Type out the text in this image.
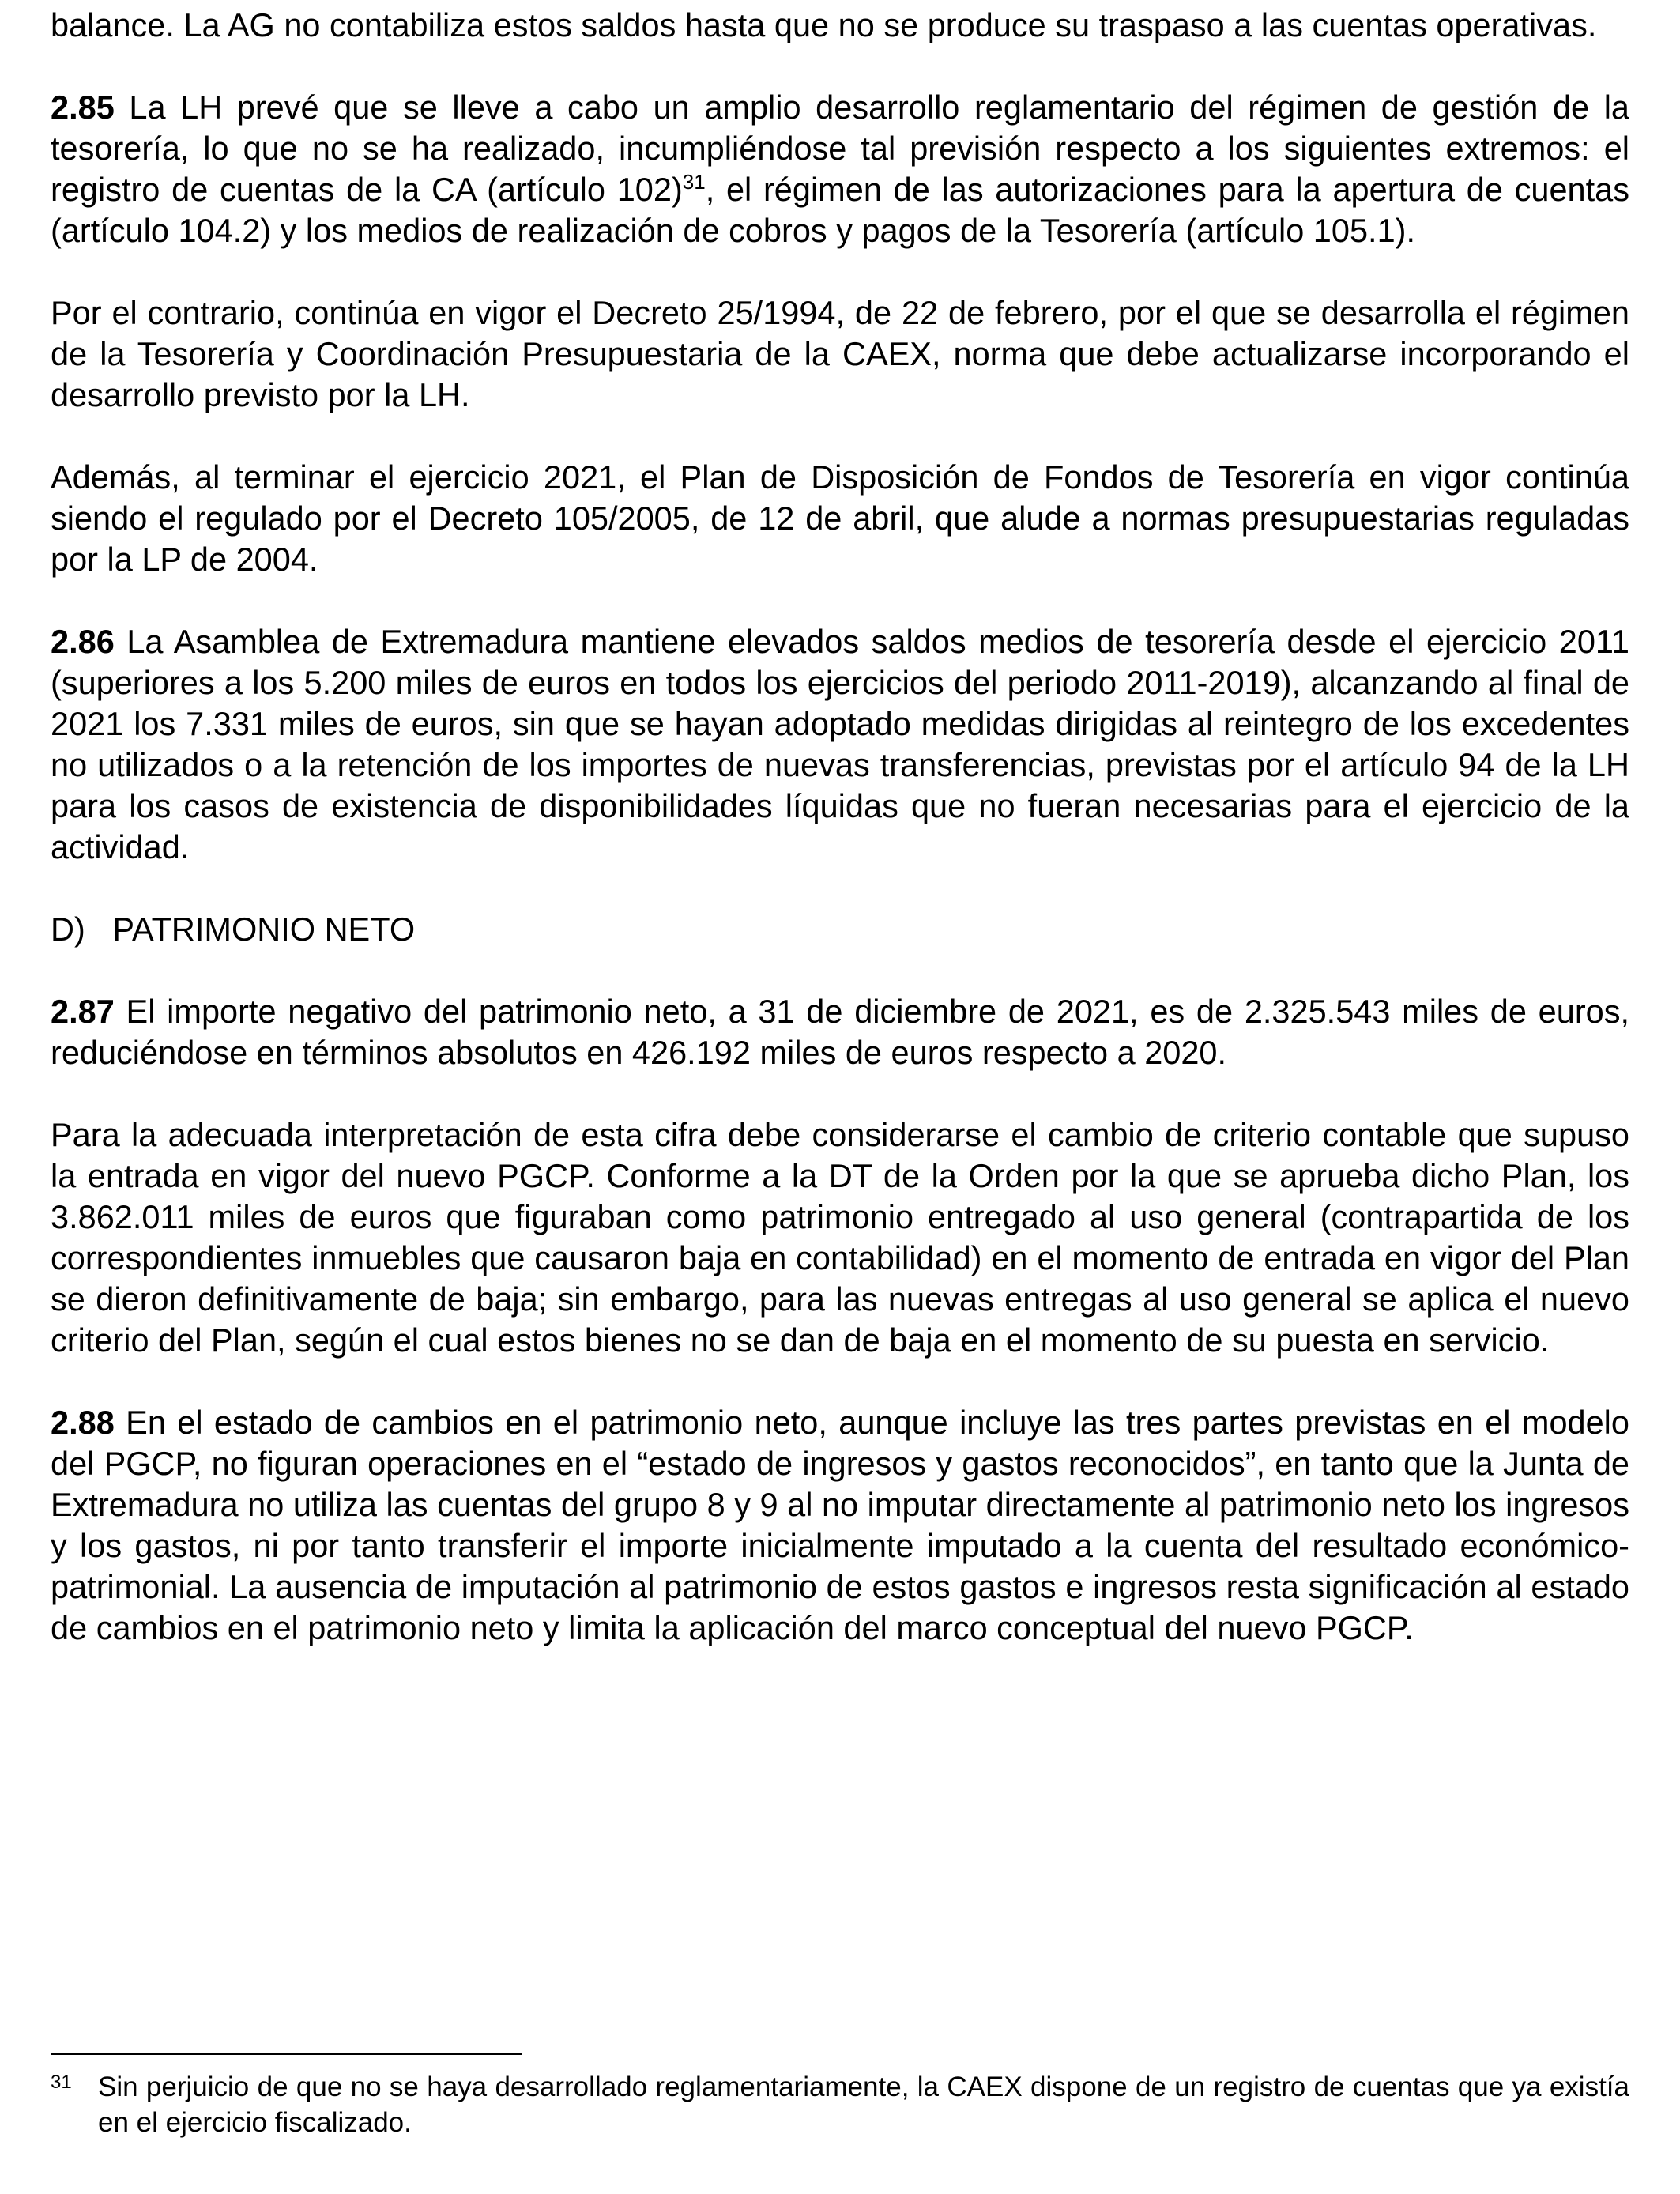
balance. La AG no contabiliza estos saldos hasta que no se produce su traspaso a las cuentas operativas.

2.85 La LH prevé que se lleve a cabo un amplio desarrollo reglamentario del régimen de gestión de la tesorería, lo que no se ha realizado, incumpliéndose tal previsión respecto a los siguientes extremos: el registro de cuentas de la CA (artículo 102)$^{31}$, el régimen de las autorizaciones para la apertura de cuentas (artículo 104.2) y los medios de realización de cobros y pagos de la Tesorería (artículo 105.1).

Por el contrario, continúa en vigor el Decreto 25/1994, de 22 de febrero, por el que se desarrolla el régimen de la Tesorería y Coordinación Presupuestaria de la CAEX, norma que debe actualizarse incorporando el desarrollo previsto por la LH.

Además, al terminar el ejercicio 2021, el Plan de Disposición de Fondos de Tesorería en vigor continúa siendo el regulado por el Decreto 105/2005, de 12 de abril, que alude a normas presupuestarias reguladas por la LP de 2004.

2.86 La Asamblea de Extremadura mantiene elevados saldos medios de tesorería desde el ejercicio 2011 (superiores a los 5.200 miles de euros en todos los ejercicios del periodo 2011-2019), alcanzando al final de 2021 los 7.331 miles de euros, sin que se hayan adoptado medidas dirigidas al reintegro de los excedentes no utilizados o a la retención de los importes de nuevas transferencias, previstas por el artículo 94 de la LH para los casos de existencia de disponibilidades líquidas que no fueran necesarias para el ejercicio de la actividad.

D)   PATRIMONIO NETO

2.87 El importe negativo del patrimonio neto, a 31 de diciembre de 2021, es de 2.325.543 miles de euros, reduciéndose en términos absolutos en 426.192 miles de euros respecto a 2020.

Para la adecuada interpretación de esta cifra debe considerarse el cambio de criterio contable que supuso la entrada en vigor del nuevo PGCP. Conforme a la DT de la Orden por la que se aprueba dicho Plan, los 3.862.011 miles de euros que figuraban como patrimonio entregado al uso general (contrapartida de los correspondientes inmuebles que causaron baja en contabilidad) en el momento de entrada en vigor del Plan se dieron definitivamente de baja; sin embargo, para las nuevas entregas al uso general se aplica el nuevo criterio del Plan, según el cual estos bienes no se dan de baja en el momento de su puesta en servicio.

2.88 En el estado de cambios en el patrimonio neto, aunque incluye las tres partes previstas en el modelo del PGCP, no figuran operaciones en el “estado de ingresos y gastos reconocidos”, en tanto que la Junta de Extremadura no utiliza las cuentas del grupo 8 y 9 al no imputar directamente al patrimonio neto los ingresos y los gastos, ni por tanto transferir el importe inicialmente imputado a la cuenta del resultado económico-patrimonial. La ausencia de imputación al patrimonio de estos gastos e ingresos resta significación al estado de cambios en el patrimonio neto y limita la aplicación del marco conceptual del nuevo PGCP.

31 Sin perjuicio de que no se haya desarrollado reglamentariamente, la CAEX dispone de un registro de cuentas que ya existía en el ejercicio fiscalizado.
